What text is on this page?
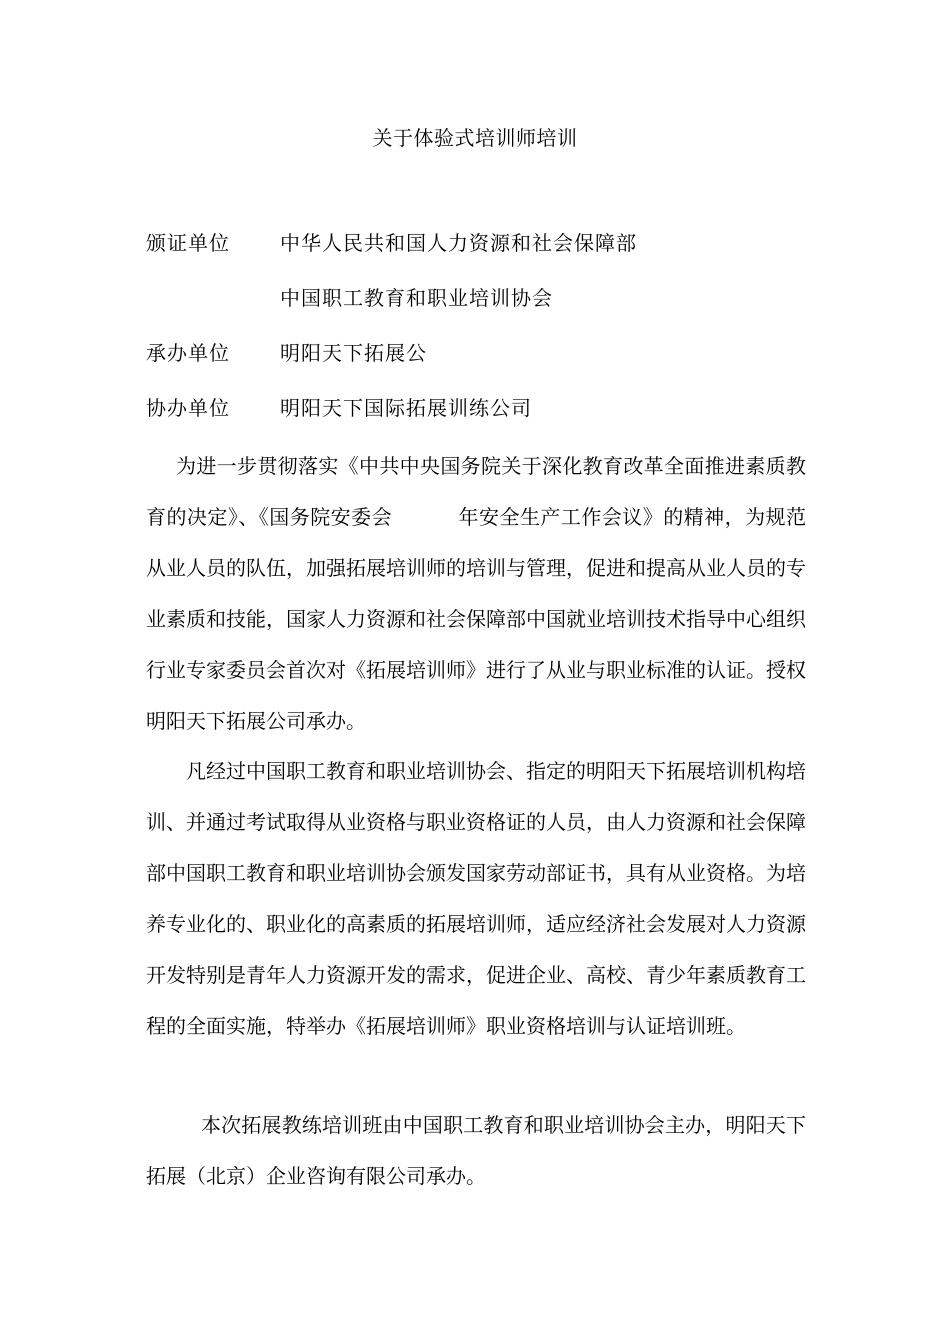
关于体验式培训师培训
颁证单位	中华人民共和国人力资源和社会保障部
中国职工教育和职业培训协会
承办单位	明阳天下拓展公
协办单位	明阳天下国际拓展训练公司

为进一步贯彻落实《中共中央国务院关于深化教育改革全面推进素质教育的决定》、《国务院安委会	年安全生产工作会议》的精神，为规范从业人员的队伍，加强拓展培训师的培训与管理，促进和提高从业人员的专业素质和技能，国家人力资源和社会保障部中国就业培训技术指导中心组织行业专家委员会首次对《拓展培训师》进行了从业与职业标准的认证。授权明阳天下拓展公司承办。

凡经过中国职工教育和职业培训协会、指定的明阳天下拓展培训机构培训、并通过考试取得从业资格与职业资格证的人员，由人力资源和社会保障部中国职工教育和职业培训协会颁发国家劳动部证书，具有从业资格。为培养专业化的、职业化的高素质的拓展培训师，适应经济社会发展对人力资源开发特别是青年人力资源开发的需求，促进企业、高校、青少年素质教育工程的全面实施，特举办《拓展培训师》职业资格培训与认证培训班。

本次拓展教练培训班由中国职工教育和职业培训协会主办，明阳天下拓展（北京）企业咨询有限公司承办。
